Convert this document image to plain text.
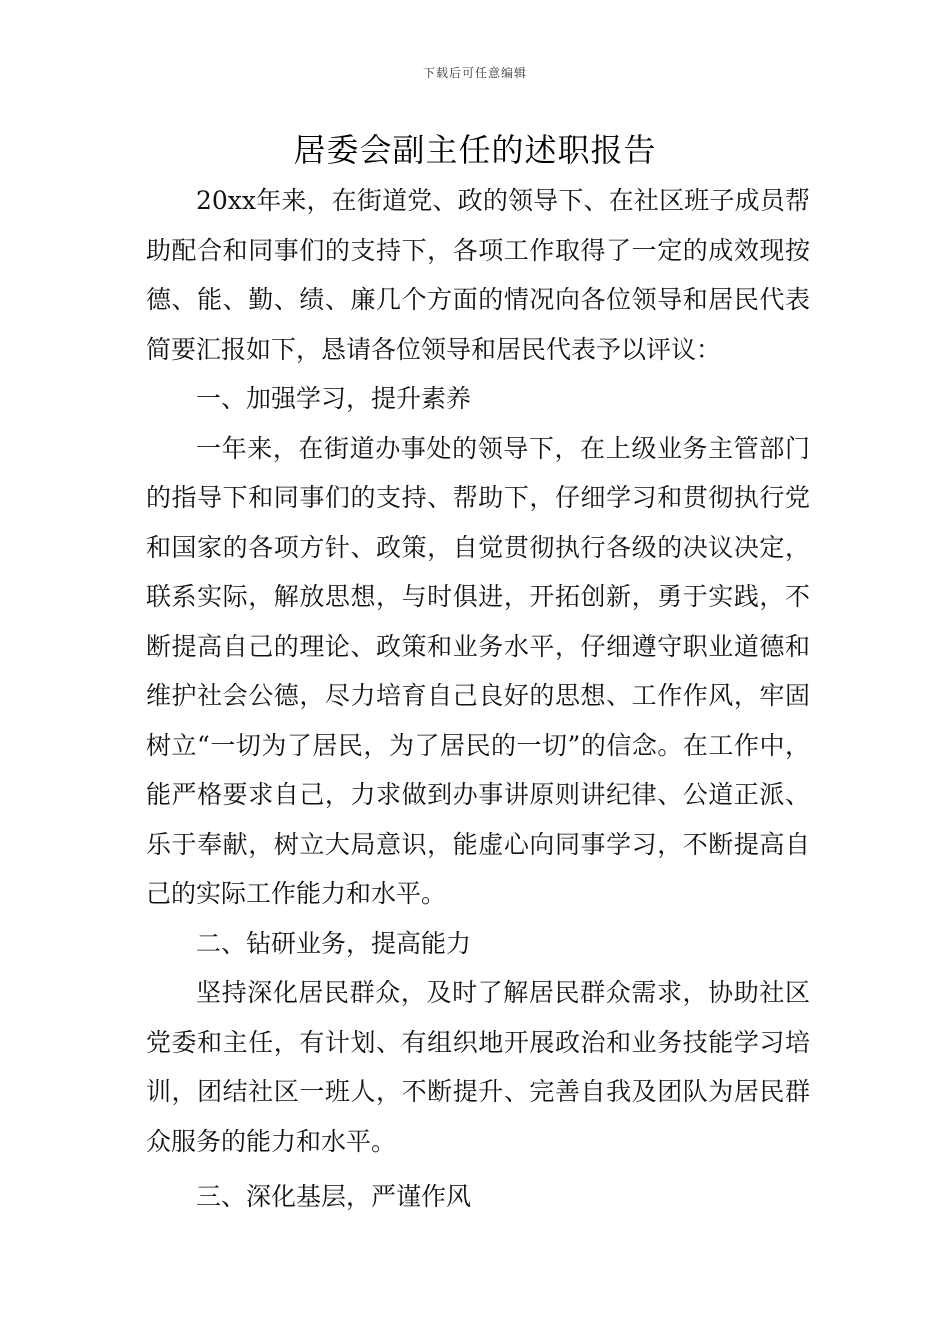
下载后可任意编辑
居委会副主任的述职报告

20xx年来，在街道党、政的领导下、在社区班子成员帮助配合和同事们的支持下，各项工作取得了一定的成效现按德、能、勤、绩、廉几个方面的情况向各位领导和居民代表简要汇报如下，恳请各位领导和居民代表予以评议：

一、加强学习，提升素养

一年来，在街道办事处的领导下，在上级业务主管部门的指导下和同事们的支持、帮助下，仔细学习和贯彻执行党和国家的各项方针、政策，自觉贯彻执行各级的决议决定，联系实际，解放思想，与时俱进，开拓创新，勇于实践，不断提高自己的理论、政策和业务水平，仔细遵守职业道德和维护社会公德，尽力培育自己良好的思想、工作作风，牢固树立“一切为了居民，为了居民的一切”的信念。在工作中，能严格要求自己，力求做到办事讲原则讲纪律、公道正派、乐于奉献，树立大局意识，能虚心向同事学习，不断提高自己的实际工作能力和水平。

二、钻研业务，提高能力

坚持深化居民群众，及时了解居民群众需求，协助社区党委和主任，有计划、有组织地开展政治和业务技能学习培训，团结社区一班人，不断提升、完善自我及团队为居民群众服务的能力和水平。

三、深化基层，严谨作风
